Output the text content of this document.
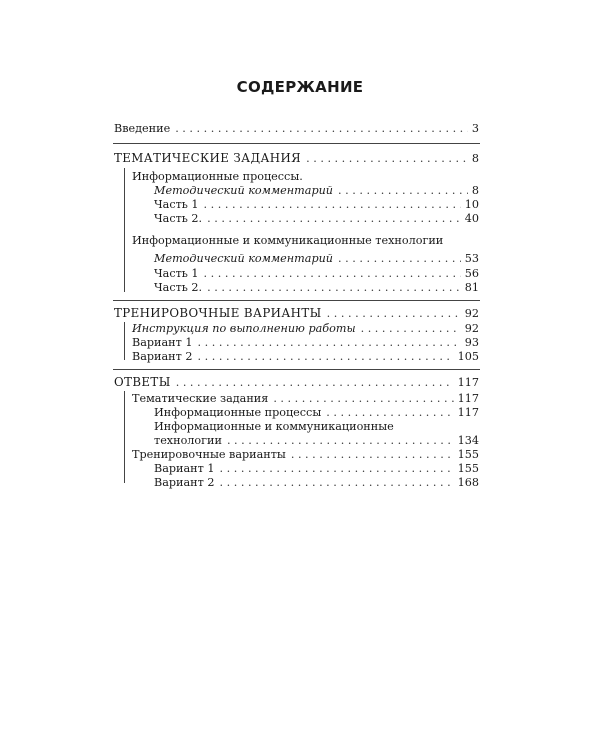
СОДЕРЖАНИЕ
Введение . . .	3
ТЕМАТИЧЕСКИЕ ЗАДАНИЯ . . .	8
Информационные процессы.
Методический комментарий . . .	8
Часть 1 . . .	10
Часть 2. . . .	40
Информационные и коммуникационные технологии
Методический комментарий . . .	53
Часть 1 . . .	56
Часть 2. . . .	81
ТРЕНИРОВОЧНЫЕ ВАРИАНТЫ . . .	92
Инструкция по выполнению работы . . .	92
Вариант 1 . . .	93
Вариант 2 . . .	105
ОТВЕТЫ . . .	117
Тематические задания . . .	117
Информационные процессы . . .	117
Информационные и коммуникационные
технологии . . .	134
Тренировочные варианты . . .	155
Вариант 1 . . .	155
Вариант 2 . . .	168
